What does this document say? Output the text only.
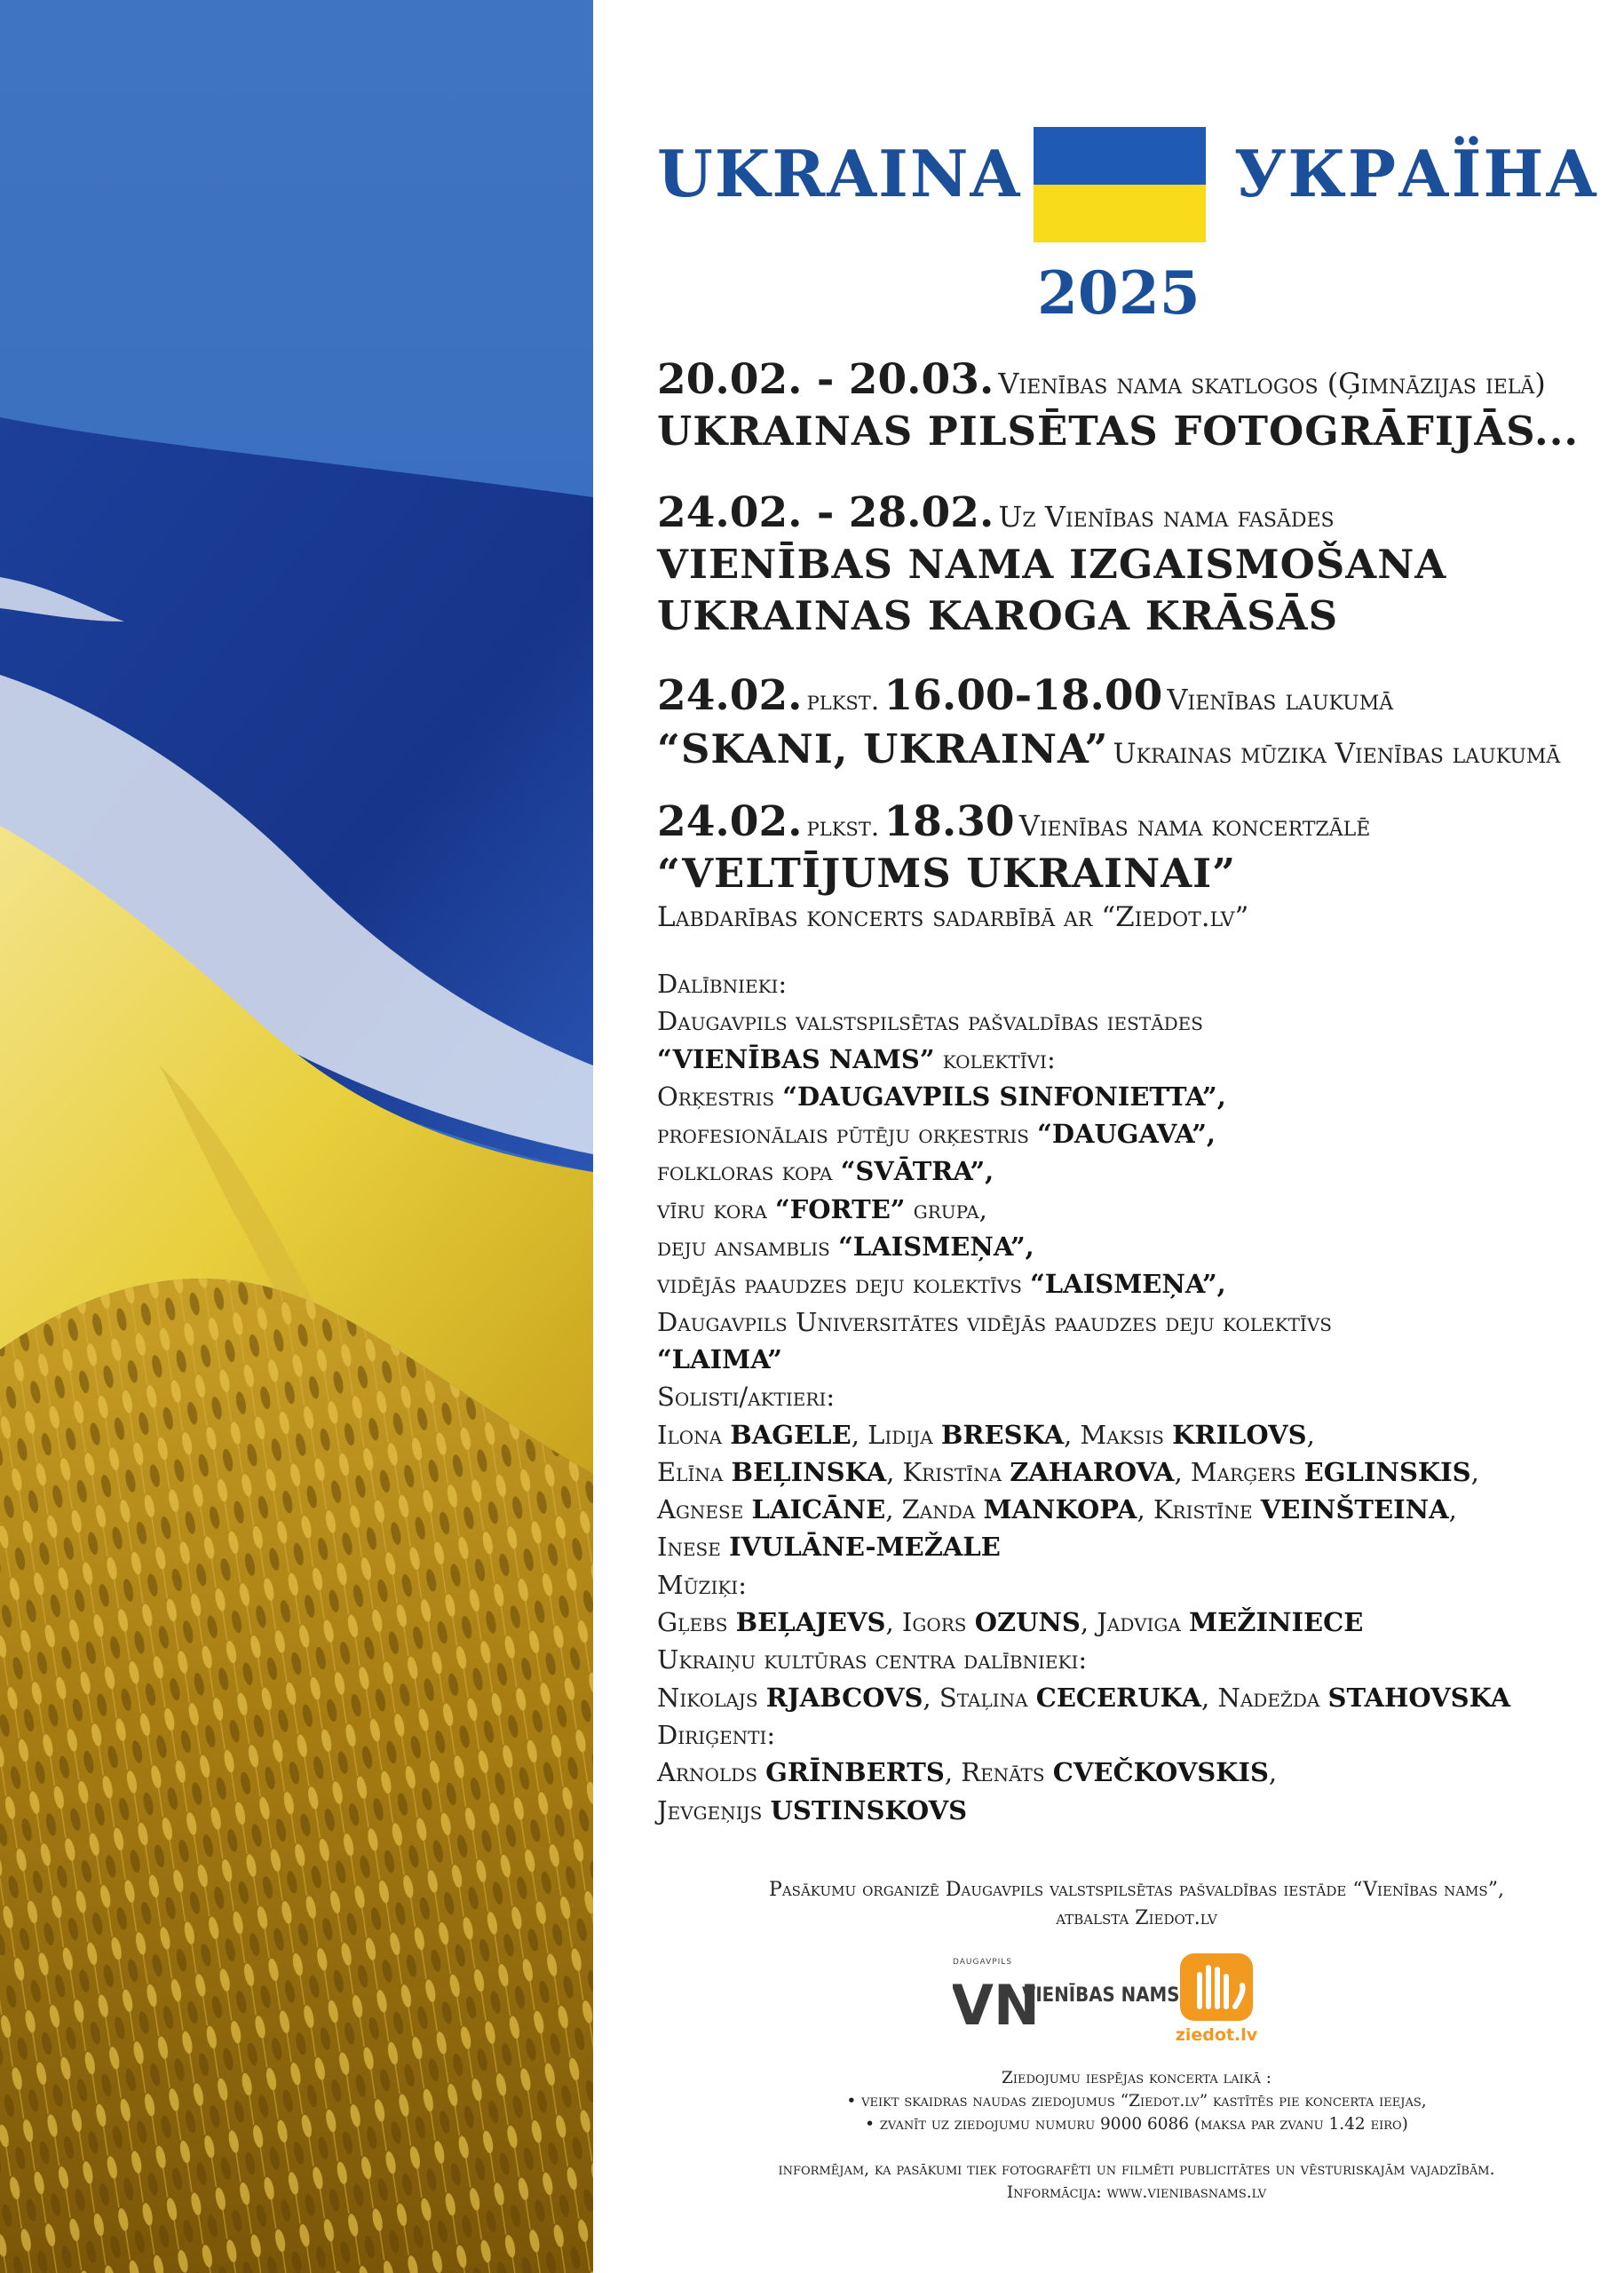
UKRAINA	УКРАЇНА
2025
20.02. - 20.03. Vienības nama skatlogos (Ģimnāzijas ielā)
UKRAINAS PILSĒTAS FOTOGRĀFIJĀS...
24.02. - 28.02. Uz Vienības nama fasādes
VIENĪBAS NAMA IZGAISMOŠANA
UKRAINAS KAROGA KRĀSĀS
24.02. plkst. 16.00-18.00 Vienības laukumā
“SKANI, UKRAINA” Ukrainas mūzika Vienības laukumā
24.02. plkst. 18.30 Vienības nama koncertzālē
“VELTĪJUMS UKRAINAI”
Labdarības koncerts sadarbībā ar “Ziedot.lv”
Dalībnieki:
Daugavpils valstspilsētas pašvaldības iestādes
“VIENĪBAS NAMS” kolektīvi:
Orķestris “DAUGAVPILS SINFONIETTA”,
profesionālais pūtēju orķestris “DAUGAVA”,
folkloras kopa “SVĀTRA”,
vīru kora “FORTE” grupa,
deju ansamblis “LAISMEŅA”,
vidējās paaudzes deju kolektīvs “LAISMEŅA”,
Daugavpils Universitātes vidējās paaudzes deju kolektīvs
“LAIMA”
Solisti/aktieri:
Ilona BAGELE, Lidija BRESKA, Maksis KRILOVS,
Elīna BEĻINSKA, Kristīna ZAHAROVA, Marģers EGLINSKIS,
Agnese LAICĀNE, Zanda MANKOPA, Kristīne VEINŠTEINA,
Inese IVULĀNE-MEŽALE
Mūziķi:
Gļebs BEĻAJEVS, Igors OZUNS, Jadviga MEŽINIECE
Ukraiņu kultūras centra dalībnieki:
Nikolajs RJABCOVS, Staļina CECERUKA, Nadežda STAHOVSKA
Diriģenti:
Arnolds GRĪNBERTS, Renāts CVEČKOVSKIS,
Jevgeņijs USTINSKOVS
Pasākumu organizē Daugavpils valstspilsētas pašvaldības iestāde “Vienības nams”,
atbalsta Ziedot.lv
DAUGAVPILS
VN
VIENĪBAS NAMS
ziedot.lv
Ziedojumu iespējas koncerta laikā :
• veikt skaidras naudas ziedojumus “Ziedot.lv” kastītēs pie koncerta ieejas,
• zvanīt uz ziedojumu numuru 9000 6086 (maksa par zvanu 1.42 eiro)
informējam, ka pasākumi tiek fotografēti un filmēti publicitātes un vēsturiskajām vajadzībām.
Informācija: www.vienibasnams.lv
